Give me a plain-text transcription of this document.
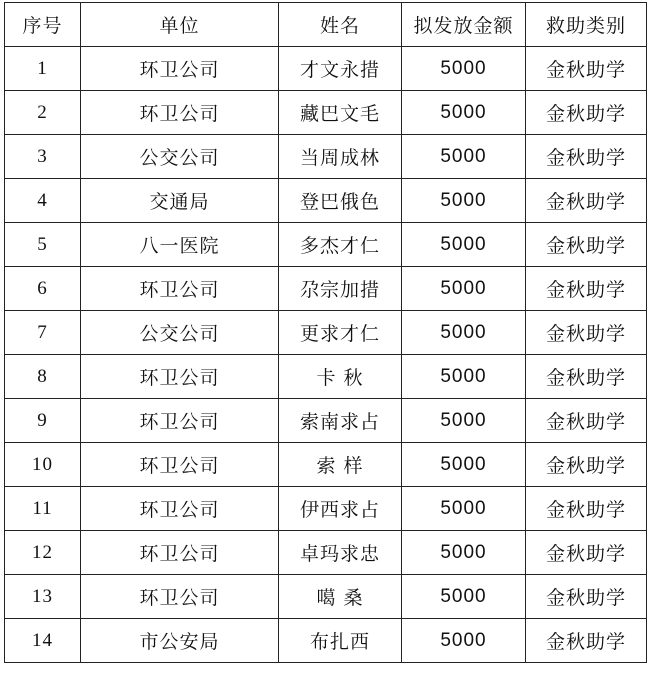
序号	单位	姓名	拟发放金额	救助类别
1	环卫公司	才文永措	5000	金秋助学
2	环卫公司	藏巴文毛	5000	金秋助学
3	公交公司	当周成林	5000	金秋助学
4	交通局	登巴俄色	5000	金秋助学
5	八一医院	多杰才仁	5000	金秋助学
6	环卫公司	尕宗加措	5000	金秋助学
7	公交公司	更求才仁	5000	金秋助学
8	环卫公司	卡 秋	5000	金秋助学
9	环卫公司	索南求占	5000	金秋助学
10	环卫公司	索 样	5000	金秋助学
11	环卫公司	伊西求占	5000	金秋助学
12	环卫公司	卓玛求忠	5000	金秋助学
13	环卫公司	噶 桑	5000	金秋助学
14	市公安局	布扎西	5000	金秋助学
